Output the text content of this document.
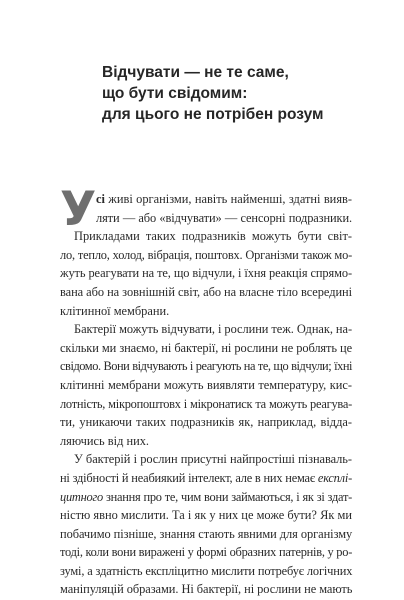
Відчувати — не те саме,
що бути свідомим:
для цього не потрібен розум
У сі живі організми, навіть найменші, здатні вияв-
ляти — або «відчувати» — сенсорні подразники.
Прикладами таких подразників можуть бути світ-
ло, тепло, холод, вібрація, поштовх. Організми також мо-
жуть реагувати на те, що відчули, і їхня реакція спрямо-
вана або на зовнішній світ, або на власне тіло всередині
клітинної мембрани.
Бактерії можуть відчувати, і рослини теж. Однак, на-
скільки ми знаємо, ні бактерії, ні рослини не роблять це
свідомо. Вони відчувають і реагують на те, що відчули; їхні
клітинні мембрани можуть виявляти температуру, кис-
лотність, мікропоштовх і мікронатиск та можуть реагува-
ти, уникаючи таких подразників як, наприклад, відда-
ляючись від них.
У бактерій і рослин присутні найпростіші пізнаваль-
ні здібності й неабиякий інтелект, але в них немає експлі-
цитного знання про те, чим вони займаються, і як зі здат-
ністю явно мислити. Та і як у них це може бути? Як ми
побачимо пізніше, знання стають явними для організму
тоді, коли вони виражені у формі образних патернів, у ро-
зумі, а здатність експліцитно мислити потребує логічних
маніпуляцій образами. Ні бактерії, ні рослини не мають
